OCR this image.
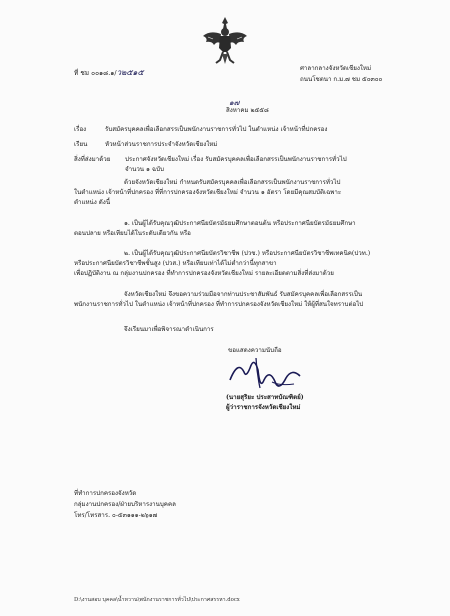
ที่ ชม ๐๐๑๘.๑/ว๒๕๑๕	ศาลากลางจังหวัดเชียงใหม่
ถนนโชตนา ก.ม.๗ ชม ๕๐๓๐๐
๑๗
สิงหาคม ๒๕๕๘
เรื่อง	รับสมัครบุคคลเพื่อเลือกสรรเป็นพนักงานราชการทั่วไป ในตำแหน่ง เจ้าหน้าที่ปกครอง
เรียน	หัวหน้าส่วนราชการประจำจังหวัดเชียงใหม่
สิ่งที่ส่งมาด้วย ประกาศจังหวัดเชียงใหม่ เรื่อง รับสมัครบุคคลเพื่อเลือกสรรเป็นพนักงานราชการทั่วไป
จำนวน ๑ ฉบับ
ด้วยจังหวัดเชียงใหม่ กำหนดรับสมัครบุคคลเพื่อเลือกสรรเป็นพนักงานราชการทั่วไป
ในตำแหน่ง เจ้าหน้าที่ปกครอง ที่ที่การปกครองจังหวัดเชียงใหม่ จำนวน ๑ อัตรา โดยมีคุณสมบัติเฉพาะ
ตำแหน่ง ดังนี้
๑. เป็นผู้ได้รับคุณวุฒิประกาศนียบัตรมัธยมศึกษาตอนต้น หรือประกาศนียบัตรมัธยมศึกษา
ตอนปลาย หรือเทียบได้ในระดับเดียวกัน หรือ
๒. เป็นผู้ได้รับคุณวุฒิประกาศนียบัตรวิชาชีพ (ปวช.) หรือประกาศนียบัตรวิชาชีพเทคนิค(ปวท.)
หรือประกาศนียบัตรวิชาชีพชั้นสูง (ปวส.) หรือเทียบเท่าได้ไม่ต่ำกว่านี้ทุกสาขา
เพื่อปฏิบัติงาน ณ กลุ่มงานปกครอง ที่ทำการปกครองจังหวัดเชียงใหม่ รายละเอียดตามสิ่งที่ส่งมาด้วย
จังหวัดเชียงใหม่ จึงขอความร่วมมือจากท่านประชาสัมพันธ์ รับสมัครบุคคลเพื่อเลือกสรรเป็น
พนักงานราชการทั่วไป ในตำแหน่ง เจ้าหน้าที่ปกครอง ที่ทำการปกครองจังหวัดเชียงใหม่ ให้ผู้ที่สนใจทราบต่อไป
จึงเรียนมาเพื่อพิจารณาดำเนินการ
ขอแสดงความนับถือ
(นายสุริยะ ประสาทบัณฑิตย์)
ผู้ว่าราชการจังหวัดเชียงใหม่
ที่ทำการปกครองจังหวัด
กลุ่มงานปกครอง/ฝ่ายบริหารงานบุคคล
โทร/โทรสาร. ๐-๕๓๑๑๑-๒๖๑๗
D:\งานสอบ บุคคล\น้ำหวาน\พนักงานราชการทั่วไป\ประกาศสรรหา.docx
